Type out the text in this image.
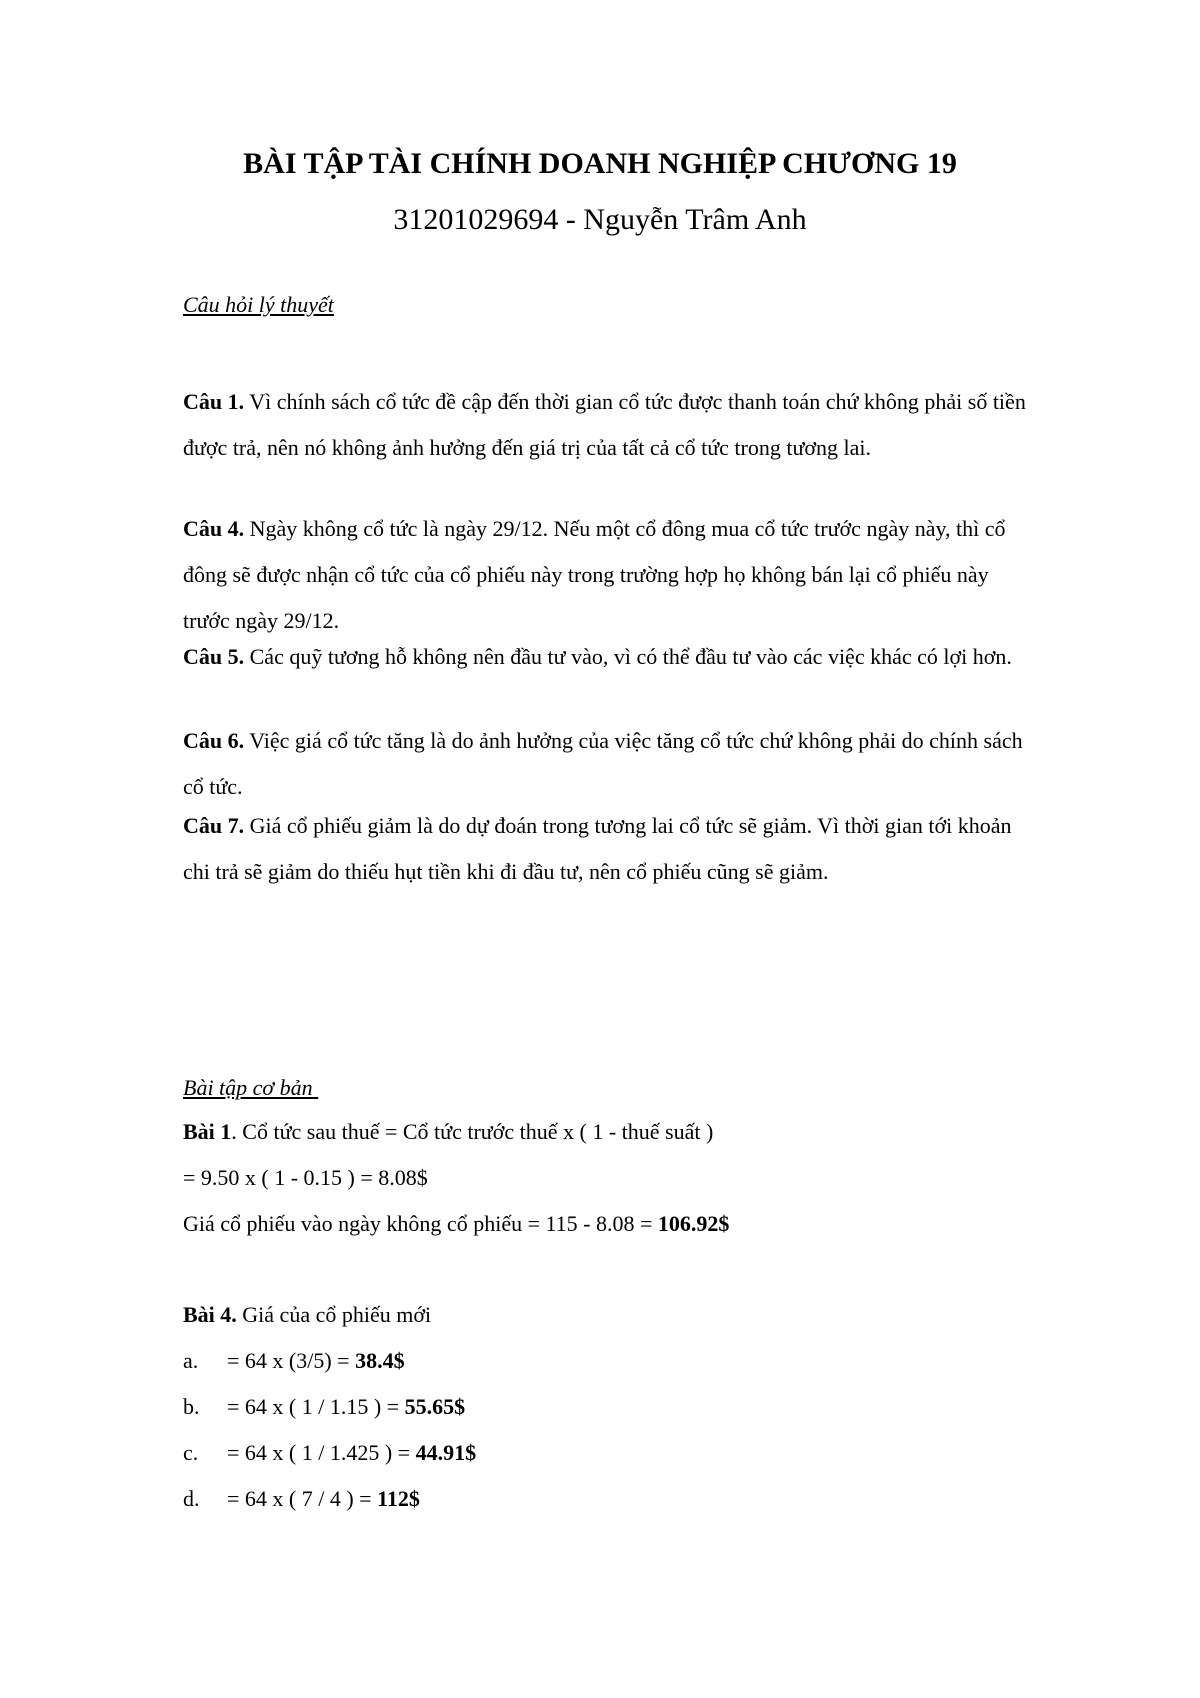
BÀI TẬP TÀI CHÍNH DOANH NGHIỆP CHƯƠNG 19
31201029694 - Nguyễn Trâm Anh
Câu hỏi lý thuyết
Câu 1. Vì chính sách cổ tức đề cập đến thời gian cổ tức được thanh toán chứ không phải số tiền được trả, nên nó không ảnh hưởng đến giá trị của tất cả cổ tức trong tương lai.
Câu 4. Ngày không cổ tức là ngày 29/12. Nếu một cổ đông mua cổ tức trước ngày này, thì cổ đông sẽ được nhận cổ tức của cổ phiếu này trong trường hợp họ không bán lại cổ phiếu này trước ngày 29/12.
Câu 5. Các quỹ tương hỗ không nên đầu tư vào, vì có thể đầu tư vào các việc khác có lợi hơn.
Câu 6. Việc giá cổ tức tăng là do ảnh hưởng của việc tăng cổ tức chứ không phải do chính sách cổ tức.
Câu 7. Giá cổ phiếu giảm là do dự đoán trong tương lai cổ tức sẽ giảm. Vì thời gian tới khoản chi trả sẽ giảm do thiếu hụt tiền khi đi đầu tư, nên cổ phiếu cũng sẽ giảm.
Bài tập cơ bản
Bài 1. Cổ tức sau thuế = Cổ tức trước thuế x ( 1 - thuế suất )
= 9.50 x ( 1 - 0.15 ) = 8.08$
Giá cổ phiếu vào ngày không cổ phiếu = 115 - 8.08 = 106.92$
Bài 4. Giá của cổ phiếu mới
a. = 64 x (3/5) = 38.4$
b. = 64 x ( 1 / 1.15 ) = 55.65$
c. = 64 x ( 1 / 1.425 ) = 44.91$
d. = 64 x ( 7 / 4 ) = 112$
